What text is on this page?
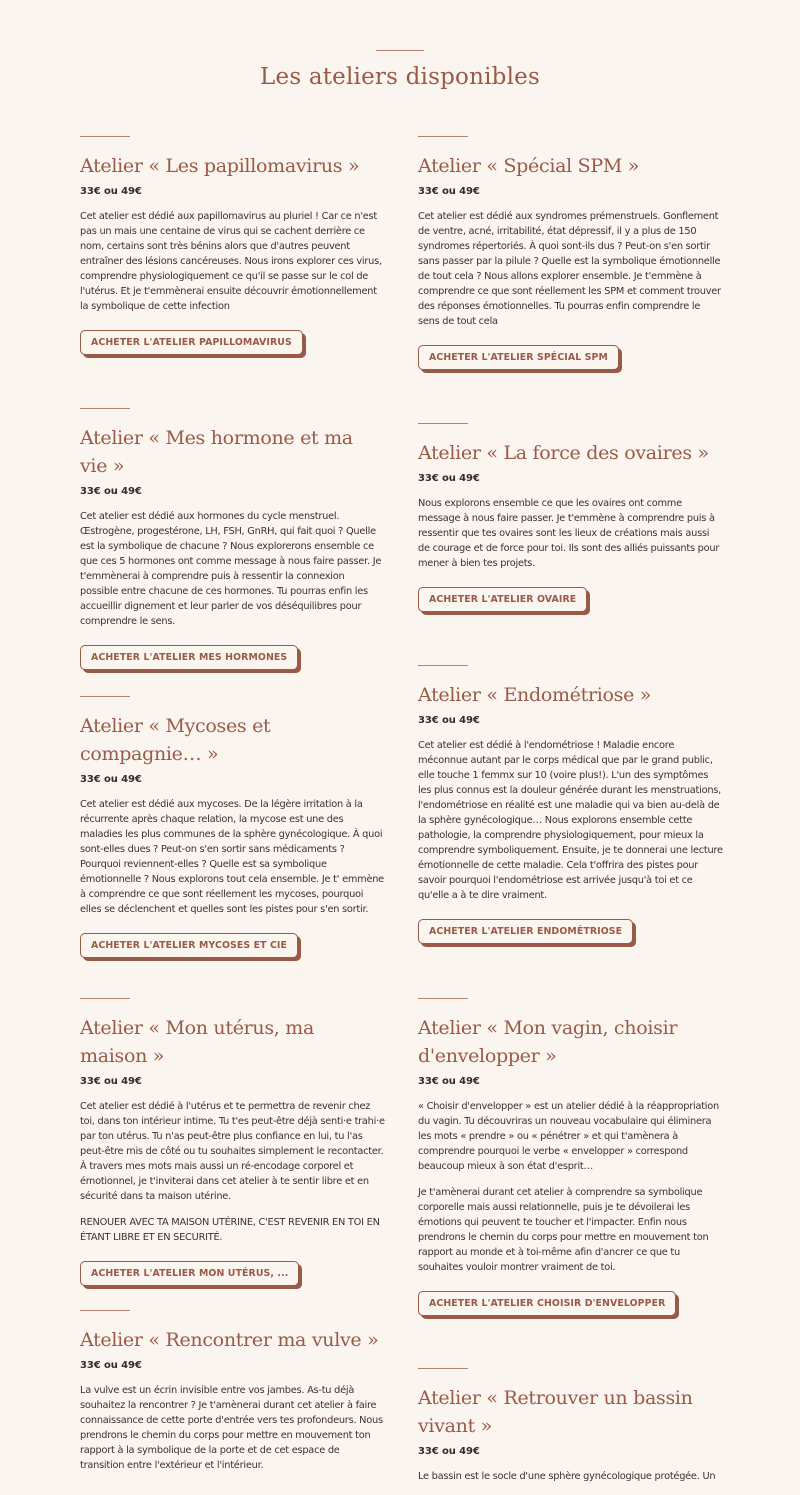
Les ateliers disponibles
Atelier « Les papillomavirus »
33€ ou 49€

Cet atelier est dédié aux papillomavirus au pluriel ! Car ce n'est pas un mais une centaine de virus qui se cachent derrière ce nom, certains sont très bénins alors que d'autres peuvent entraîner des lésions cancéreuses. Nous irons explorer ces virus, comprendre physiologiquement ce qu'il se passe sur le col de l'utérus. Et je t'emmènerai ensuite découvrir émotionnellement la symbolique de cette infection

ACHETER L'ATELIER PAPILLOMAVIRUS
Atelier « Mes hormone et ma vie »
33€ ou 49€

Cet atelier est dédié aux hormones du cycle menstruel. Œstrogène, progestérone, LH, FSH, GnRH, qui fait quoi ? Quelle est la symbolique de chacune ? Nous explorerons ensemble ce que ces 5 hormones ont comme message à nous faire passer. Je t'emmènerai à comprendre puis à ressentir la connexion possible entre chacune de ces hormones. Tu pourras enfin les accueillir dignement et leur parler de vos déséquilibres pour comprendre le sens.

ACHETER L'ATELIER MES HORMONES
Atelier « Mycoses et compagnie… »
33€ ou 49€

Cet atelier est dédié aux mycoses. De la légère irritation à la récurrente après chaque relation, la mycose est une des maladies les plus communes de la sphère gynécologique. À quoi sont-elles dues ? Peut-on s'en sortir sans médicaments ? Pourquoi reviennent-elles ? Quelle est sa symbolique émotionnelle ? Nous explorons tout cela ensemble. Je t' emmène à comprendre ce que sont réellement les mycoses, pourquoi elles se déclenchent et quelles sont les pistes pour s'en sortir.

ACHETER L'ATELIER MYCOSES ET CIE
Atelier « Mon utérus, ma maison »
33€ ou 49€

Cet atelier est dédié à l'utérus et te permettra de revenir chez toi, dans ton intérieur intime. Tu t'es peut-être déjà senti·e trahi·e par ton utérus. Tu n'as peut-être plus confiance en lui, tu l'as peut-être mis de côté ou tu souhaites simplement le recontacter. À travers mes mots mais aussi un ré-encodage corporel et émotionnel, je t'inviterai dans cet atelier à te sentir libre et en sécurité dans ta maison utérine.

RENOUER AVEC TA MAISON UTÉRINE, C'EST REVENIR EN TOI EN ÉTANT LIBRE ET EN SECURITÉ.

ACHETER L'ATELIER MON UTÉRUS, ...
Atelier « Rencontrer ma vulve »
33€ ou 49€

La vulve est un écrin invisible entre vos jambes. As-tu déjà souhaitez la rencontrer ? Je t'amènerai durant cet atelier à faire connaissance de cette porte d'entrée vers tes profondeurs. Nous prendrons le chemin du corps pour mettre en mouvement ton rapport à la symbolique de la porte et de cet espace de transition entre l'extérieur et l'intérieur.

Atelier « Spécial SPM »
33€ ou 49€

Cet atelier est dédié aux syndromes prémenstruels. Gonflement de ventre, acné, irritabilité, état dépressif, il y a plus de 150 syndromes répertoriés. À quoi sont-ils dus ? Peut-on s'en sortir sans passer par la pilule ? Quelle est la symbolique émotionnelle de tout cela ? Nous allons explorer ensemble. Je t'emmène à comprendre ce que sont réellement les SPM et comment trouver des réponses émotionnelles. Tu pourras enfin comprendre le sens de tout cela

ACHETER L'ATELIER SPÉCIAL SPM
Atelier « La force des ovaires »
33€ ou 49€

Nous explorons ensemble ce que les ovaires ont comme message à nous faire passer. Je t'emmène à comprendre puis à ressentir que tes ovaires sont les lieux de créations mais aussi de courage et de force pour toi. Ils sont des alliés puissants pour mener à bien tes projets.

ACHETER L'ATELIER OVAIRE
Atelier « Endométriose »
33€ ou 49€

Cet atelier est dédié à l'endométriose ! Maladie encore méconnue autant par le corps médical que par le grand public, elle touche 1 femmx sur 10 (voire plus!). L'un des symptômes les plus connus est la douleur générée durant les menstruations, l'endométriose en réalité est une maladie qui va bien au-delà de la sphère gynécologique… Nous explorons ensemble cette pathologie, la comprendre physiologiquement, pour mieux la comprendre symboliquement. Ensuite, je te donnerai une lecture émotionnelle de cette maladie. Cela t'offrira des pistes pour savoir pourquoi l'endométriose est arrivée jusqu'à toi et ce qu'elle a à te dire vraiment.

ACHETER L'ATELIER ENDOMÉTRIOSE
Atelier « Mon vagin, choisir d'envelopper »
33€ ou 49€

« Choisir d'envelopper » est un atelier dédié à la réappropriation du vagin. Tu découvriras un nouveau vocabulaire qui éliminera les mots « prendre » ou « pénétrer » et qui t'amènera à comprendre pourquoi le verbe « envelopper » correspond beaucoup mieux à son état d'esprit…

Je t'amènerai durant cet atelier à comprendre sa symbolique corporelle mais aussi relationnelle, puis je te dévoilerai les émotions qui peuvent te toucher et l'impacter. Enfin nous prendrons le chemin du corps pour mettre en mouvement ton rapport au monde et à toi-même afin d'ancrer ce que tu souhaites vouloir montrer vraiment de toi.

ACHETER L'ATELIER CHOISIR D'ENVELOPPER
Atelier « Retrouver un bassin vivant »
33€ ou 49€

Le bassin est le socle d'une sphère gynécologique protégée. Un
